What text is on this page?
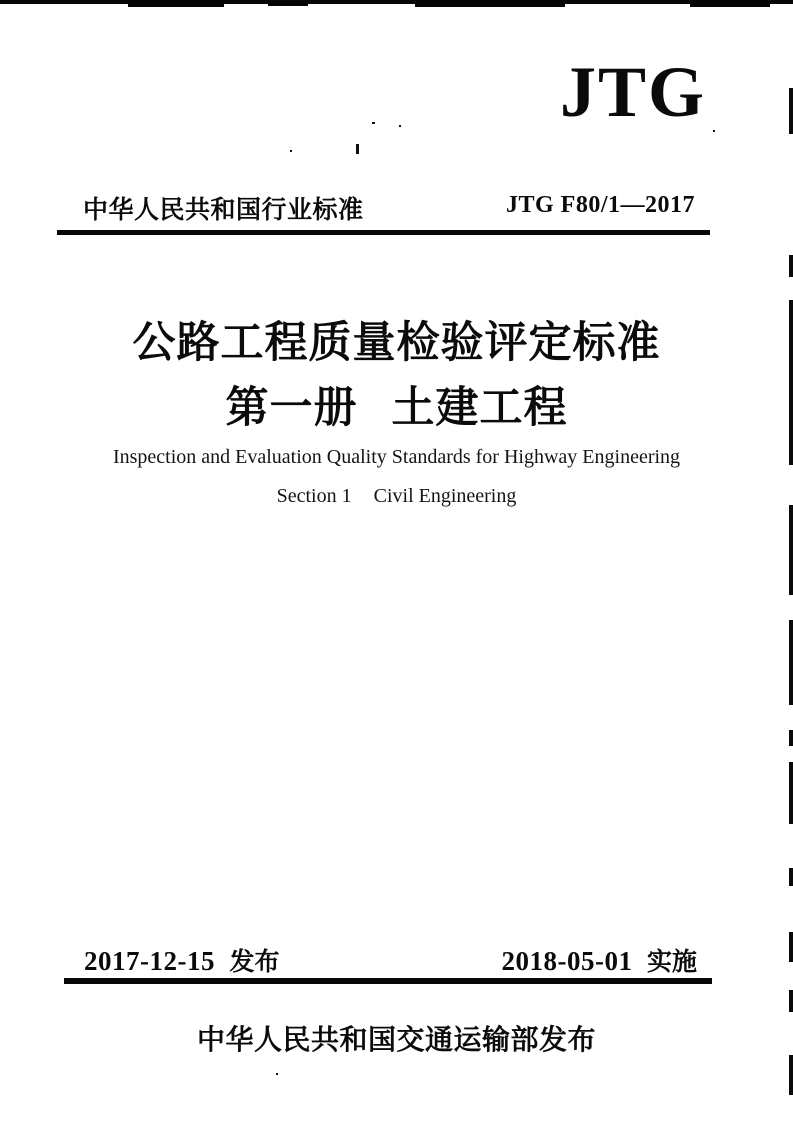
JTG
中华人民共和国行业标准	JTG F80/1—2017
公路工程质量检验评定标准
第一册 土建工程
Inspection and Evaluation Quality Standards for Highway Engineering
Section 1 Civil Engineering
2017-12-15 发布	2018-05-01 实施
中华人民共和国交通运输部发布
